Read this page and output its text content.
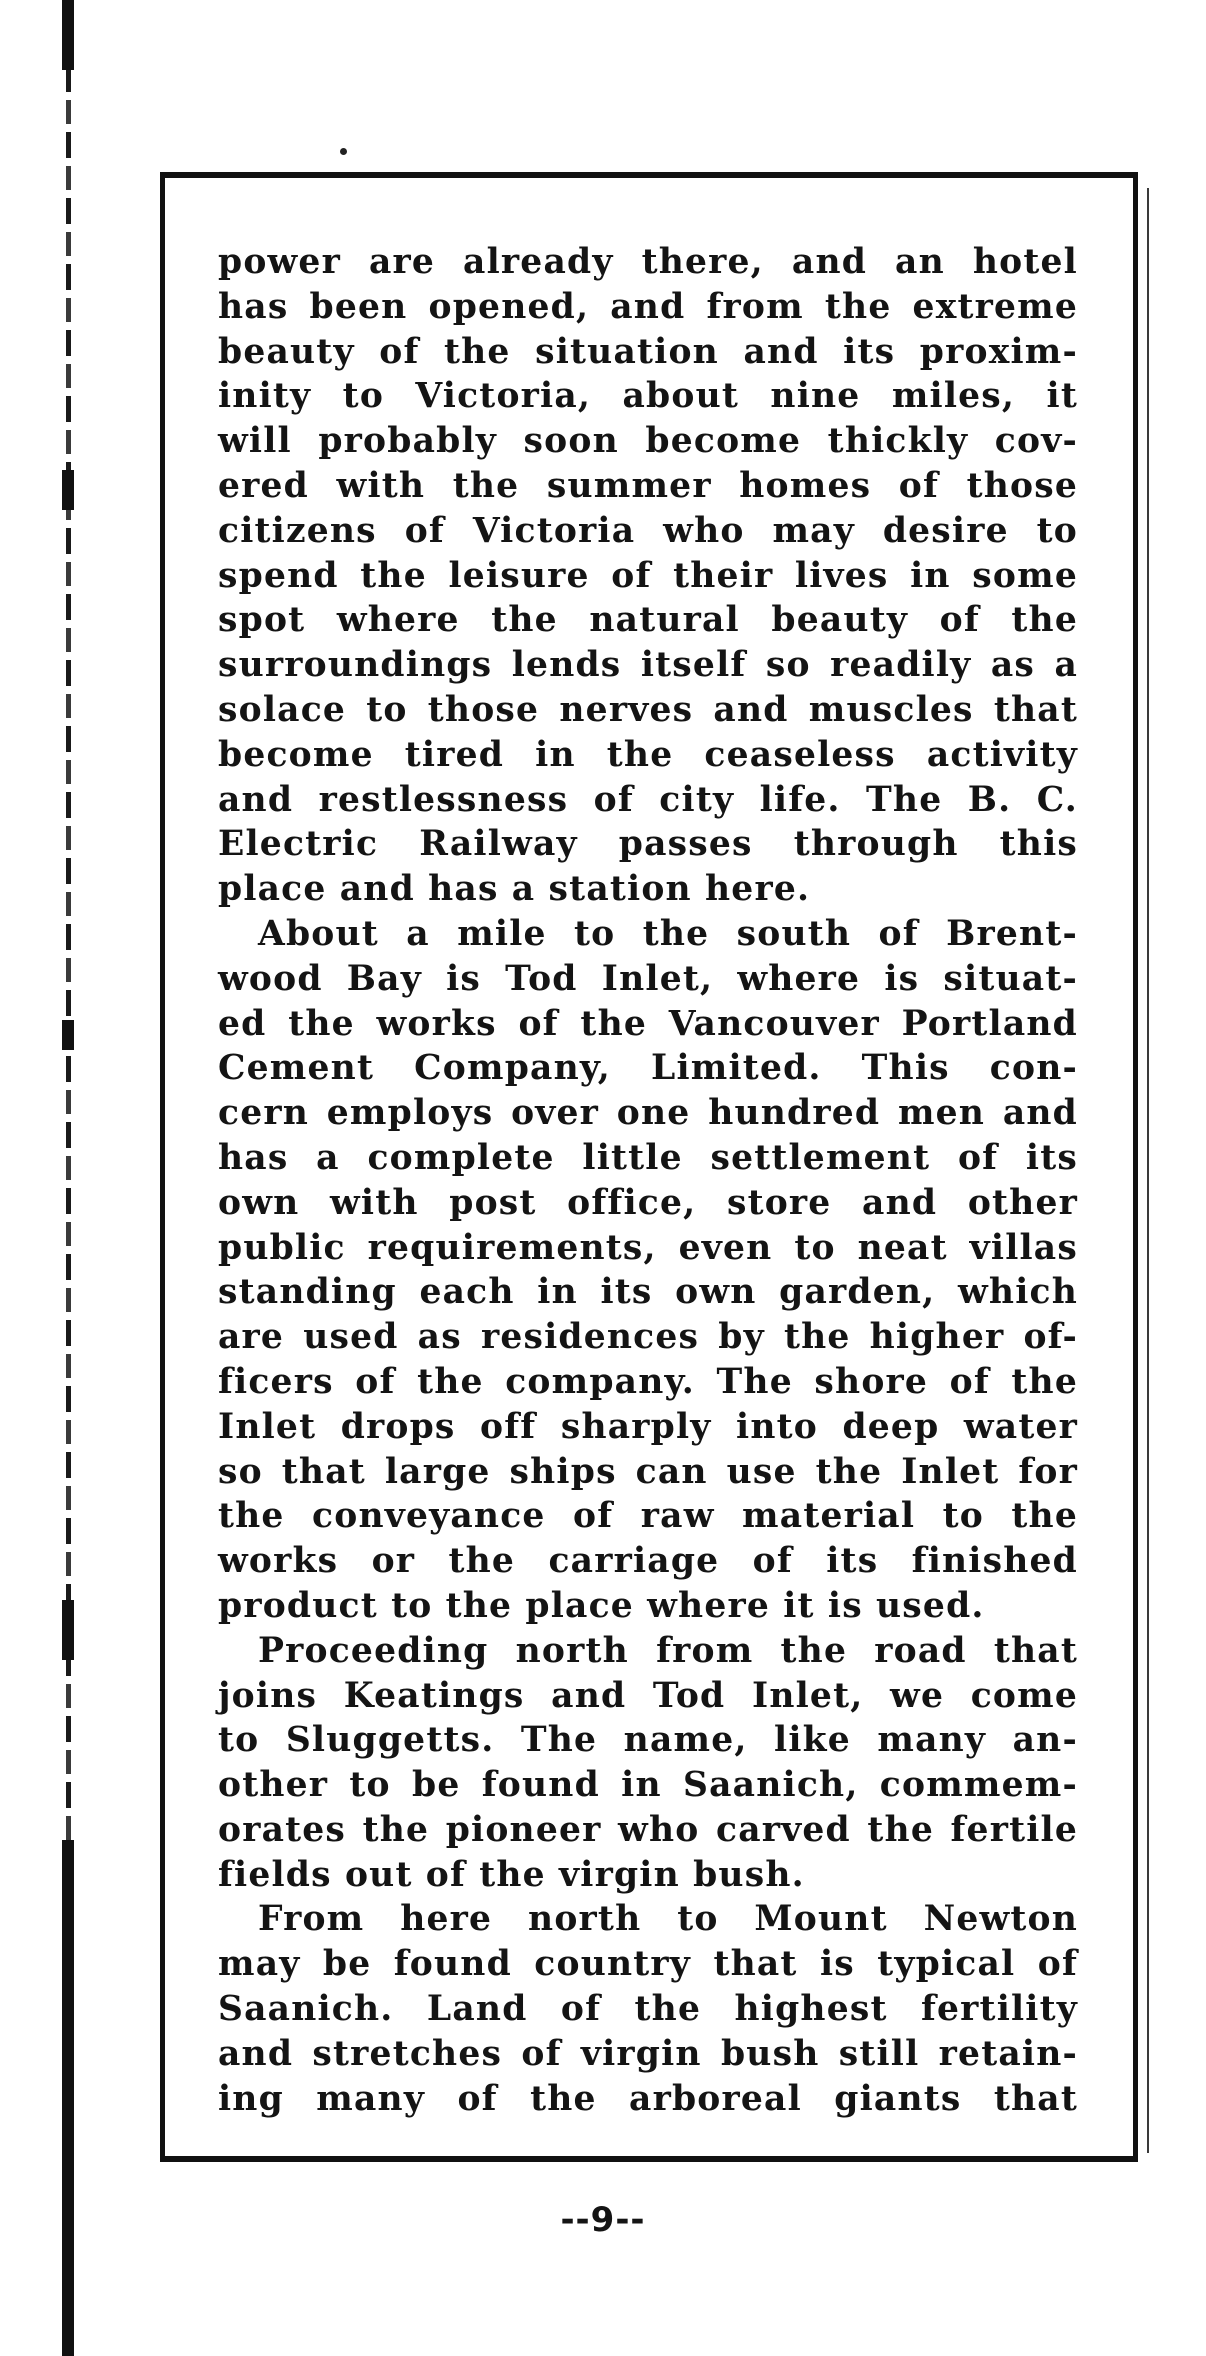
power are already there, and an hotel
has been opened, and from the extreme
beauty of the situation and its proxim-
inity to Victoria, about nine miles, it
will probably soon become thickly cov-
ered with the summer homes of those
citizens of Victoria who may desire to
spend the leisure of their lives in some
spot where the natural beauty of the
surroundings lends itself so readily as a
solace to those nerves and muscles that
become tired in the ceaseless activity
and restlessness of city life. The B. C.
Electric Railway passes through this
place and has a station here.
About a mile to the south of Brent-
wood Bay is Tod Inlet, where is situat-
ed the works of the Vancouver Portland
Cement Company, Limited. This con-
cern employs over one hundred men and
has a complete little settlement of its
own with post office, store and other
public requirements, even to neat villas
standing each in its own garden, which
are used as residences by the higher of-
ficers of the company. The shore of the
Inlet drops off sharply into deep water
so that large ships can use the Inlet for
the conveyance of raw material to the
works or the carriage of its finished
product to the place where it is used.
Proceeding north from the road that
joins Keatings and Tod Inlet, we come
to Sluggetts. The name, like many an-
other to be found in Saanich, commem-
orates the pioneer who carved the fertile
fields out of the virgin bush.
From here north to Mount Newton
may be found country that is typical of
Saanich. Land of the highest fertility
and stretches of virgin bush still retain-
ing many of the arboreal giants that
--9--
